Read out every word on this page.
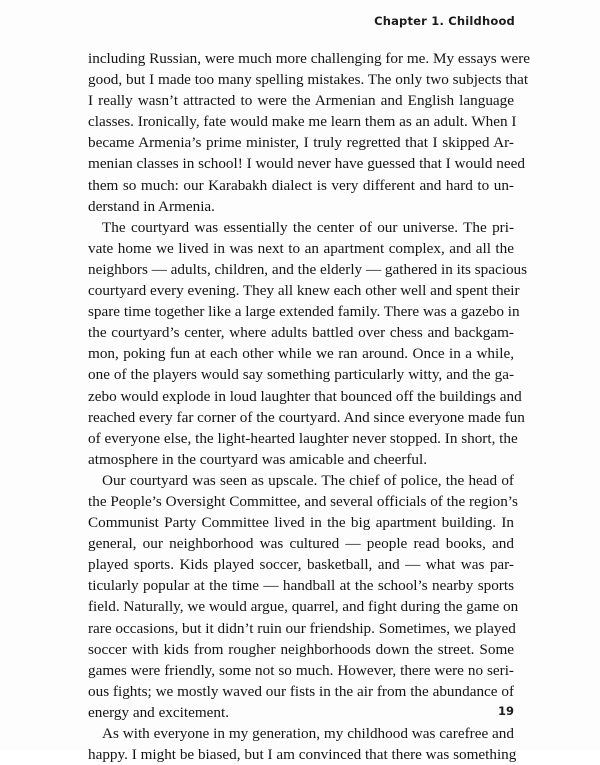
Chapter 1. Childhood
including Russian, were much more challenging for me. My essays were
good, but I made too many spelling mistakes. The only two subjects that
I really wasn’t attracted to were the Armenian and English language
classes. Ironically, fate would make me learn them as an adult. When I
became Armenia’s prime minister, I truly regretted that I skipped Ar-
menian classes in school! I would never have guessed that I would need
them so much: our Karabakh dialect is very different and hard to un-
derstand in Armenia.
The courtyard was essentially the center of our universe. The pri-
vate home we lived in was next to an apartment complex, and all the
neighbors — adults, children, and the elderly — gathered in its spacious
courtyard every evening. They all knew each other well and spent their
spare time together like a large extended family. There was a gazebo in
the courtyard’s center, where adults battled over chess and backgam-
mon, poking fun at each other while we ran around. Once in a while,
one of the players would say something particularly witty, and the ga-
zebo would explode in loud laughter that bounced off the buildings and
reached every far corner of the courtyard. And since everyone made fun
of everyone else, the light-hearted laughter never stopped. In short, the
atmosphere in the courtyard was amicable and cheerful.
Our courtyard was seen as upscale. The chief of police, the head of
the People’s Oversight Committee, and several officials of the region’s
Communist Party Committee lived in the big apartment building. In
general, our neighborhood was cultured — people read books, and
played sports. Kids played soccer, basketball, and — what was par-
ticularly popular at the time — handball at the school’s nearby sports
field. Naturally, we would argue, quarrel, and fight during the game on
rare occasions, but it didn’t ruin our friendship. Sometimes, we played
soccer with kids from rougher neighborhoods down the street. Some
games were friendly, some not so much. However, there were no seri-
ous fights; we mostly waved our fists in the air from the abundance of
energy and excitement.
As with everyone in my generation, my childhood was carefree and
happy. I might be biased, but I am convinced that there was something
19
